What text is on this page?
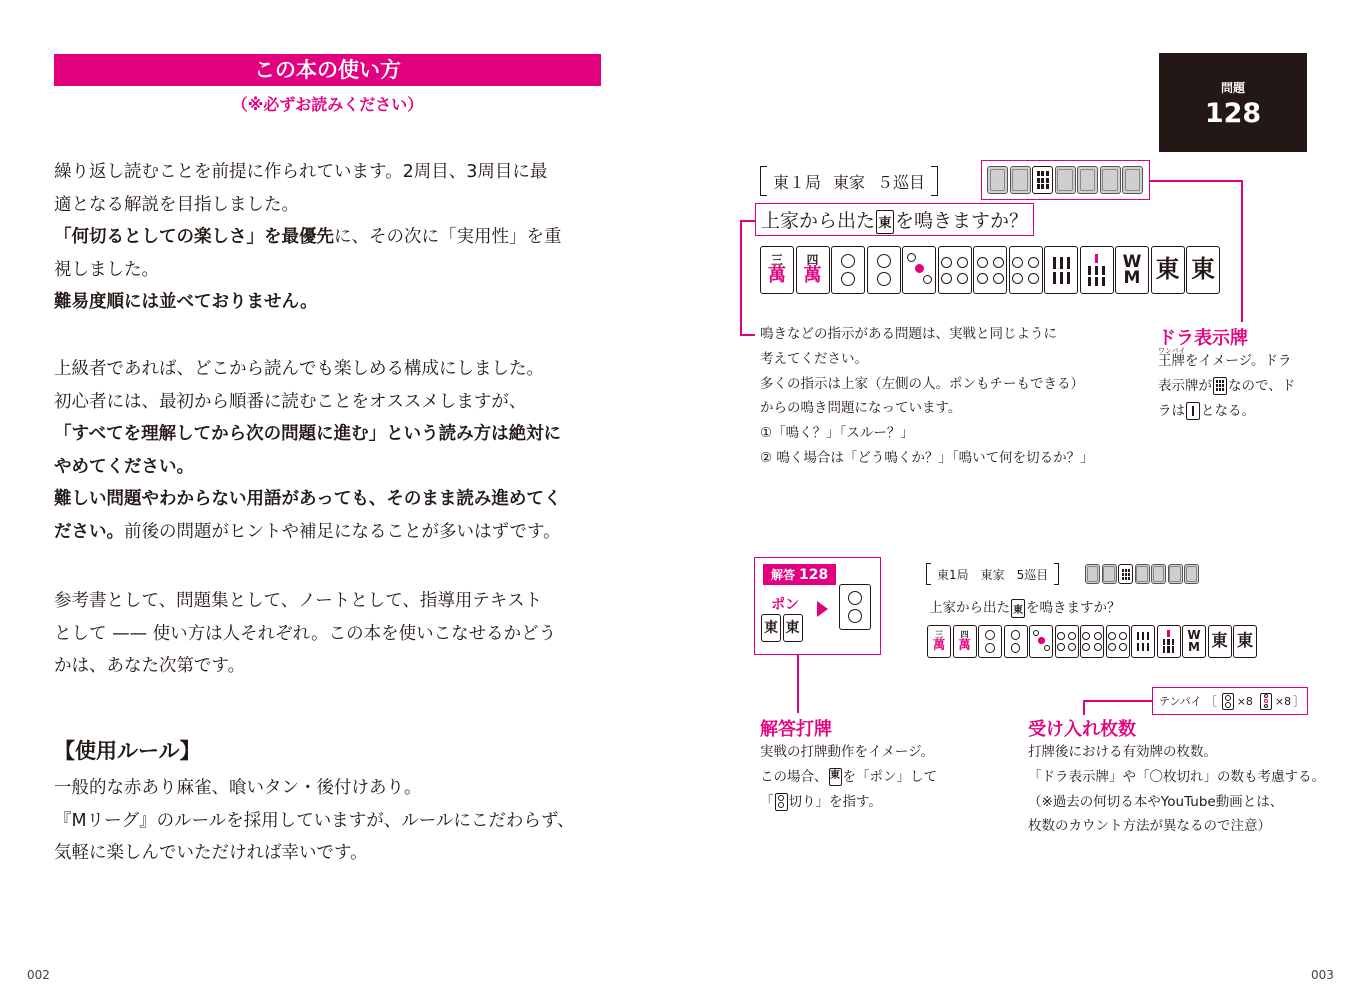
この本の使い方
（※必ずお読みください）

繰り返し読むことを前提に作られています。2周目、3周目に最

適となる解説を目指しました。

「何切るとしての楽しさ」を最優先に、その次に「実用性」を重

視しました。

難易度順には並べておりません。

上級者であれば、どこから読んでも楽しめる構成にしました。

初心者には、最初から順番に読むことをオススメしますが、

「すべてを理解してから次の問題に進む」という読み方は絶対に

やめてください。

難しい問題やわからない用語があっても、そのまま読み進めてく

ださい。前後の問題がヒントや補足になることが多いはずです。

参考書として、問題集として、ノートとして、指導用テキスト

として —— 使い方は人それぞれ。この本を使いこなせるかどう

かは、あなた次第です。

【使用ルール】

一般的な赤あり麻雀、喰いタン・後付けあり。

『Mリーグ』のルールを採用していますが、ルールにこだわらず、

気軽に楽しんでいただければ幸いです。

002
問題
128
東１局 東家 ５巡目
上家から出た 東 を鳴きますか？
三
萬
四
萬
W
M 東 東
鳴きなどの指示がある問題は、実戦と同じように
考えてください。
多くの指示は上家（左側の人。ポンもチーもできる）
からの鳴き問題になっています。
①「鳴く？」「スルー？」
② 鳴く場合は「どう鳴くか？」「鳴いて何を切るか？」
ドラ表示牌
ワンパイ
王牌をイメージ。ドラ
表示牌が なので、ド
ラは となる。
解答 128
ポン
東 東
東1局 東家 5巡目
上家から出た 東 を鳴きますか？
三
萬
四
萬
W
M 東 東
テンパイ ［ ×8 ×8 ］
解答打牌
実戦の打牌動作をイメージ。
この場合、 東 を「ポン」して
「 切り」を指す。
受け入れ枚数
打牌後における有効牌の枚数。
「ドラ表示牌」や「〇枚切れ」の数も考慮する。
（※過去の何切る本やYouTube動画とは、
枚数のカウント方法が異なるので注意）
003
